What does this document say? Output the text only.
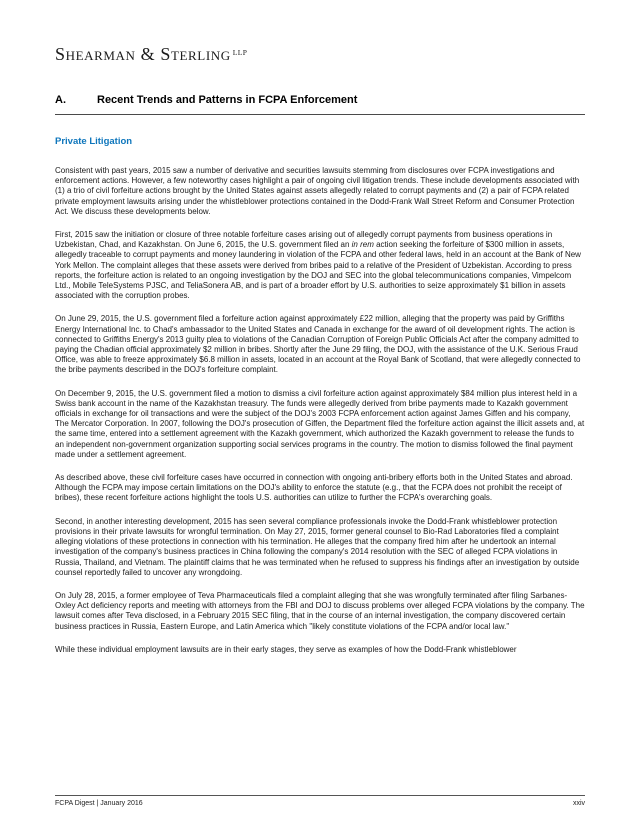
Shearman & Sterling $^{LLP}$
A.	Recent Trends and Patterns in FCPA Enforcement
Private Litigation

Consistent with past years, 2015 saw a number of derivative and securities lawsuits stemming from disclosures over FCPA investigations and enforcement actions. However, a few noteworthy cases highlight a pair of ongoing civil litigation trends. These include developments associated with (1) a trio of civil forfeiture actions brought by the United States against assets allegedly related to corrupt payments and (2) a pair of FCPA related private employment lawsuits arising under the whistleblower protections contained in the Dodd-Frank Wall Street Reform and Consumer Protection Act. We discuss these developments below.

First, 2015 saw the initiation or closure of three notable forfeiture cases arising out of allegedly corrupt payments from business operations in Uzbekistan, Chad, and Kazakhstan. On June 6, 2015, the U.S. government filed an in rem action seeking the forfeiture of $300 million in assets, allegedly traceable to corrupt payments and money laundering in violation of the FCPA and other federal laws, held in an account at the Bank of New York Mellon. The complaint alleges that these assets were derived from bribes paid to a relative of the President of Uzbekistan. According to press reports, the forfeiture action is related to an ongoing investigation by the DOJ and SEC into the global telecommunications companies, Vimpelcom Ltd., Mobile TeleSystems PJSC, and TeliaSonera AB, and is part of a broader effort by U.S. authorities to seize approximately $1 billion in assets associated with the corruption probes.

On June 29, 2015, the U.S. government filed a forfeiture action against approximately £22 million, alleging that the property was paid by Griffiths Energy International Inc. to Chad's ambassador to the United States and Canada in exchange for the award of oil development rights. The action is connected to Griffiths Energy's 2013 guilty plea to violations of the Canadian Corruption of Foreign Public Officials Act after the company admitted to paying the Chadian official approximately $2 million in bribes. Shortly after the June 29 filing, the DOJ, with the assistance of the U.K. Serious Fraud Office, was able to freeze approximately $6.8 million in assets, located in an account at the Royal Bank of Scotland, that were allegedly connected to the bribe payments described in the DOJ's forfeiture complaint.

On December 9, 2015, the U.S. government filed a motion to dismiss a civil forfeiture action against approximately $84 million plus interest held in a Swiss bank account in the name of the Kazakhstan treasury. The funds were allegedly derived from bribe payments made to Kazakh government officials in exchange for oil transactions and were the subject of the DOJ's 2003 FCPA enforcement action against James Giffen and his company, The Mercator Corporation. In 2007, following the DOJ's prosecution of Giffen, the Department filed the forfeiture action against the illicit assets and, at the same time, entered into a settlement agreement with the Kazakh government, which authorized the Kazakh government to release the funds to an independent non-government organization supporting social services programs in the country. The motion to dismiss followed the final payment made under a settlement agreement.

As described above, these civil forfeiture cases have occurred in connection with ongoing anti-bribery efforts both in the United States and abroad. Although the FCPA may impose certain limitations on the DOJ's ability to enforce the statute (e.g., that the FCPA does not prohibit the receipt of bribes), these recent forfeiture actions highlight the tools U.S. authorities can utilize to further the FCPA's overarching goals.

Second, in another interesting development, 2015 has seen several compliance professionals invoke the Dodd-Frank whistleblower protection provisions in their private lawsuits for wrongful termination. On May 27, 2015, former general counsel to Bio-Rad Laboratories filed a complaint alleging violations of these protections in connection with his termination. He alleges that the company fired him after he undertook an internal investigation of the company's business practices in China following the company's 2014 resolution with the SEC of alleged FCPA violations in Russia, Thailand, and Vietnam. The plaintiff claims that he was terminated when he refused to suppress his findings after an investigation by outside counsel reportedly failed to uncover any wrongdoing.

On July 28, 2015, a former employee of Teva Pharmaceuticals filed a complaint alleging that she was wrongfully terminated after filing Sarbanes-Oxley Act deficiency reports and meeting with attorneys from the FBI and DOJ to discuss problems over alleged FCPA violations by the company. The lawsuit comes after Teva disclosed, in a February 2015 SEC filing, that in the course of an internal investigation, the company discovered certain business practices in Russia, Eastern Europe, and Latin America which "likely constitute violations of the FCPA and/or local law."

While these individual employment lawsuits are in their early stages, they serve as examples of how the Dodd-Frank whistleblower

FCPA Digest | January 2016	xxiv
